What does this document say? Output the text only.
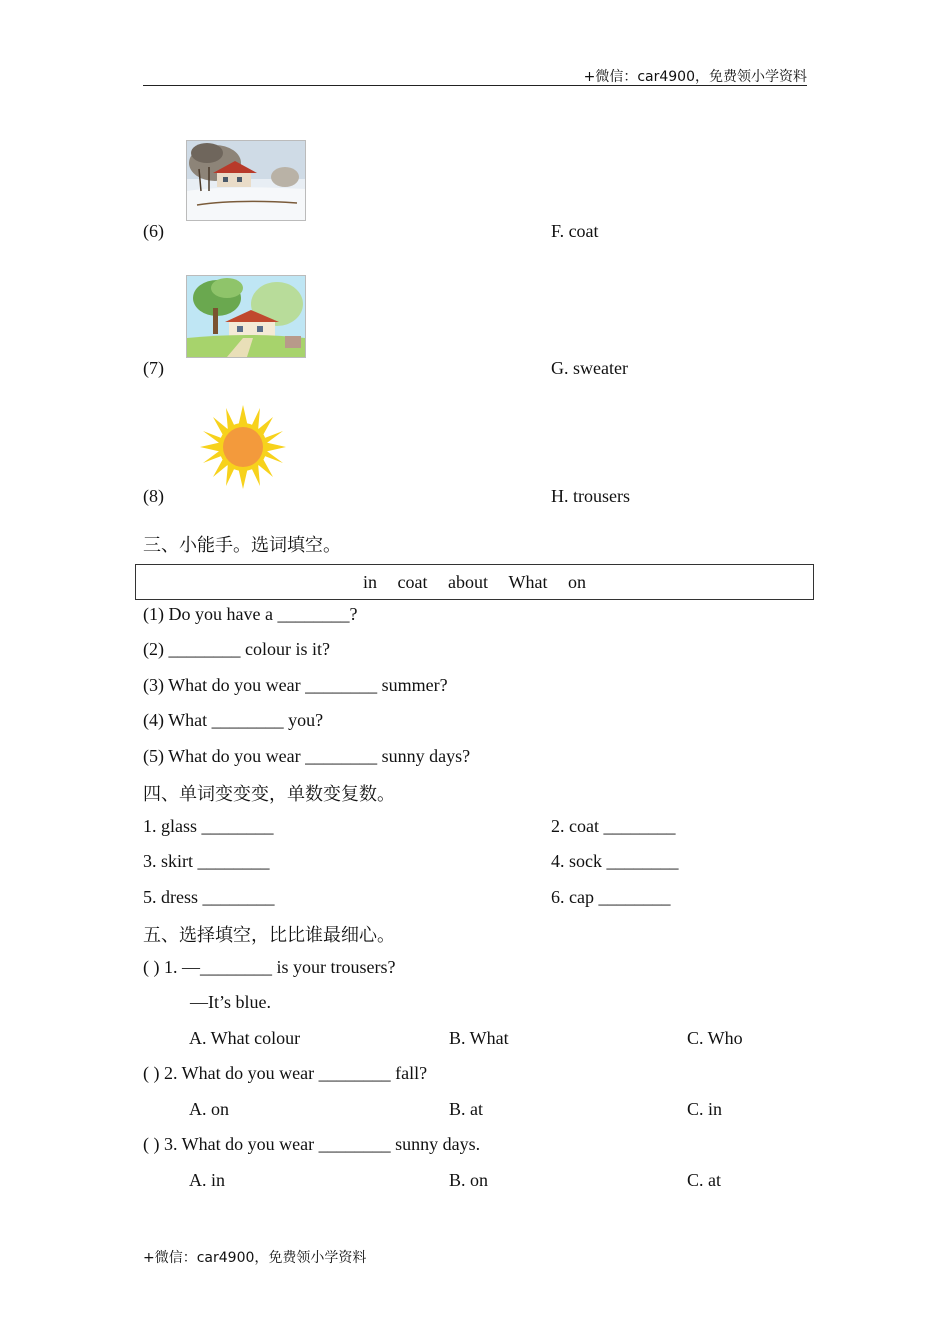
+微信：car4900，免费领小学资料
(6)	F. coat
(7)	G. sweater
(8)	H. trousers
三、小能手。选词填空。
in coat about What on
(1) Do you have a ________?
(2) ________ colour is it?
(3) What do you wear ________ summer?
(4) What ________ you?
(5) What do you wear ________ sunny days?
四、单词变变变，单数变复数。
1. glass ________	2. coat ________
3. skirt ________	4. sock ________
5. dress ________	6. cap ________
五、选择填空，比比谁最细心。
( ) 1. —________ is your trousers?
—It’s blue.
A. What colour	B. What	C. Who
( ) 2. What do you wear ________ fall?
A. on	B. at	C. in
( ) 3. What do you wear ________ sunny days.
A. in	B. on	C. at
+微信：car4900，免费领小学资料
